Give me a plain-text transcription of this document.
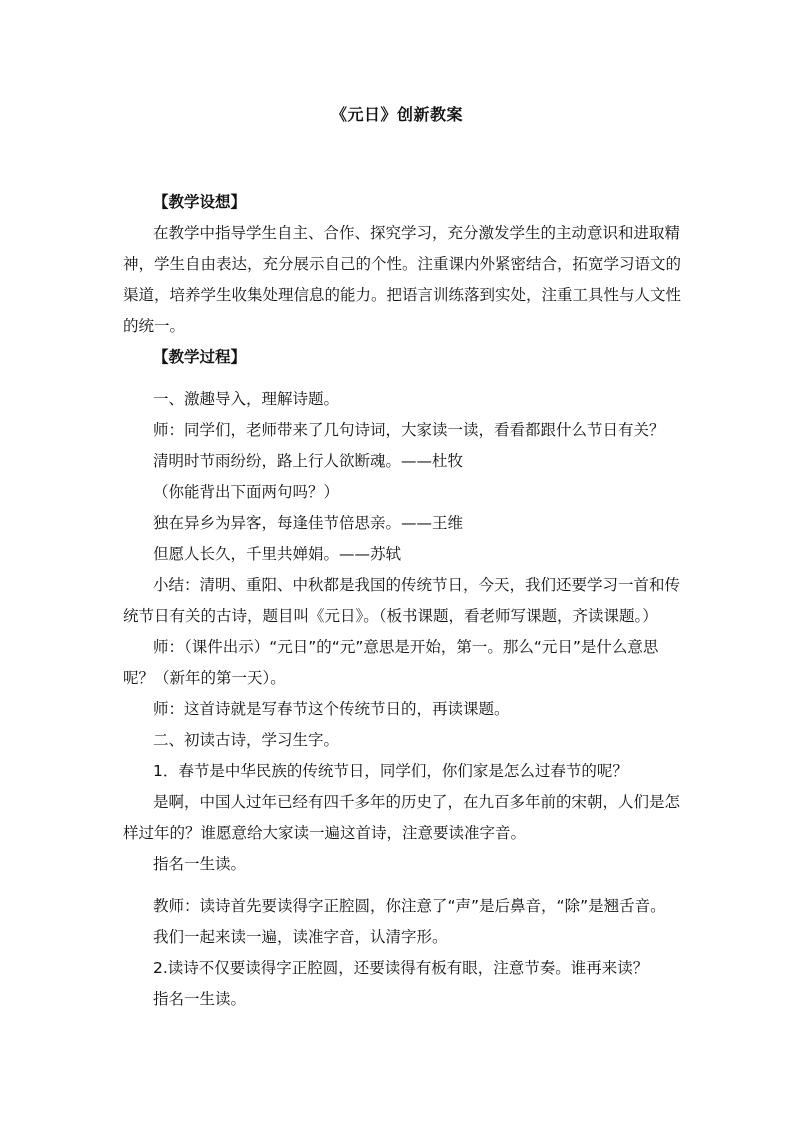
《元日》创新教案

【教学设想】

在教学中指导学生自主、合作、探究学习，充分激发学生的主动意识和进取精神，学生自由表达，充分展示自己的个性。注重课内外紧密结合，拓宽学习语文的渠道，培养学生收集处理信息的能力。把语言训练落到实处，注重工具性与人文性的统一。

【教学过程】

一、激趣导入，理解诗题。

师：同学们，老师带来了几句诗词，大家读一读，看看都跟什么节日有关？

清明时节雨纷纷，路上行人欲断魂。——杜牧

（你能背出下面两句吗？）

独在异乡为异客，每逢佳节倍思亲。——王维

但愿人长久，千里共婵娟。——苏轼

小结：清明、重阳、中秋都是我国的传统节日，今天，我们还要学习一首和传统节日有关的古诗，题目叫《元日》。（板书课题，看老师写课题，齐读课题。）

师：（课件出示）“元日”的“元”意思是开始，第一。那么“元日”是什么意思呢？（新年的第一天）。

师：这首诗就是写春节这个传统节日的，再读课题。

二、初读古诗，学习生字。

1．春节是中华民族的传统节日，同学们，你们家是怎么过春节的呢？

是啊，中国人过年已经有四千多年的历史了，在九百多年前的宋朝，人们是怎样过年的？谁愿意给大家读一遍这首诗，注意要读准字音。

指名一生读。

教师：读诗首先要读得字正腔圆，你注意了“声”是后鼻音，“除”是翘舌音。

我们一起来读一遍，读准字音，认清字形。

2.读诗不仅要读得字正腔圆，还要读得有板有眼，注意节奏。谁再来读？

指名一生读。
